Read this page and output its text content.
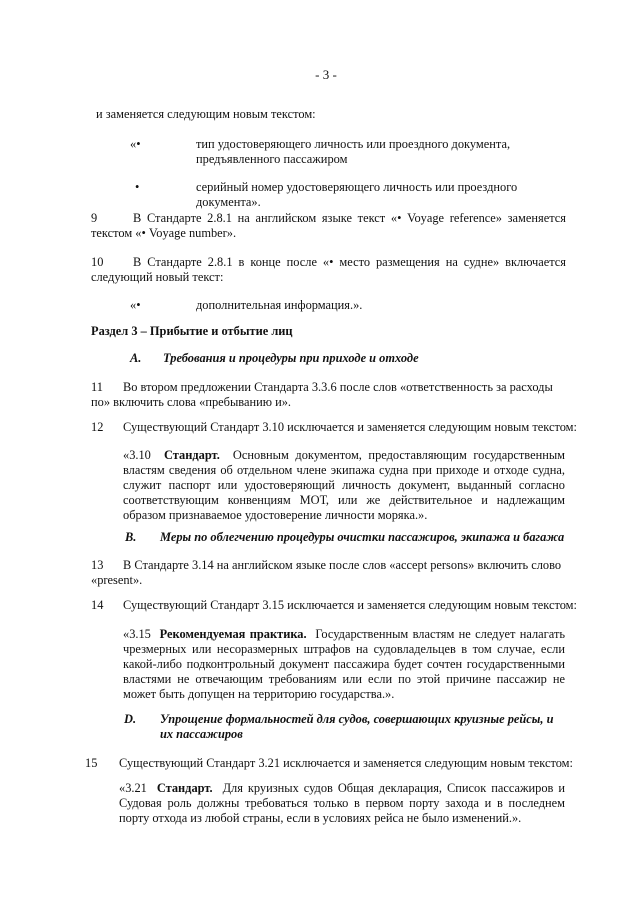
- 3 -

и заменяется следующим новым текстом:

«•	тип удостоверяющего личность или проездного документа, предъявленного пассажиром

•	серийный номер удостоверяющего личность или проездного документа».

9	В Стандарте 2.8.1 на английском языке текст «• Voyage reference» заменяется текстом «• Voyage number».

10	В Стандарте 2.8.1 в конце после «• место размещения на судне» включается следующий новый текст:

«•	дополнительная информация.».

Раздел 3 – Прибытие и отбытие лиц

А. Требования и процедуры при приходе и отходе

11	Во втором предложении Стандарта 3.3.6 после слов «ответственность за расходы по» включить слова «пребыванию и».

12 Существующий Стандарт 3.10 исключается и заменяется следующим новым текстом:

«3.10 Стандарт. Основным документом, предоставляющим государственным властям сведения об отдельном члене экипажа судна при приходе и отходе судна, служит паспорт или удостоверяющий личность документ, выданный согласно соответствующим конвенциям МОТ, или же действительное и надлежащим образом признаваемое удостоверение личности моряка.».

В. Меры по облегчению процедуры очистки пассажиров, экипажа и багажа

13	В Стандарте 3.14 на английском языке после слов «accept persons» включить слово «present».

14 Существующий Стандарт 3.15 исключается и заменяется следующим новым текстом:

«3.15 Рекомендуемая практика. Государственным властям не следует налагать чрезмерных или несоразмерных штрафов на судовладельцев в том случае, если какой-либо подконтрольный документ пассажира будет сочтен государственными властями не отвечающим требованиям или если по этой причине пассажир не может быть допущен на территорию государства.».

D. Упрощение формальностей для судов, совершающих круизные рейсы, и их пассажиров

15 Существующий Стандарт 3.21 исключается и заменяется следующим новым текстом:

«3.21 Стандарт. Для круизных судов Общая декларация, Список пассажиров и Судовая роль должны требоваться только в первом порту захода и в последнем порту отхода из любой страны, если в условиях рейса не было изменений.».
